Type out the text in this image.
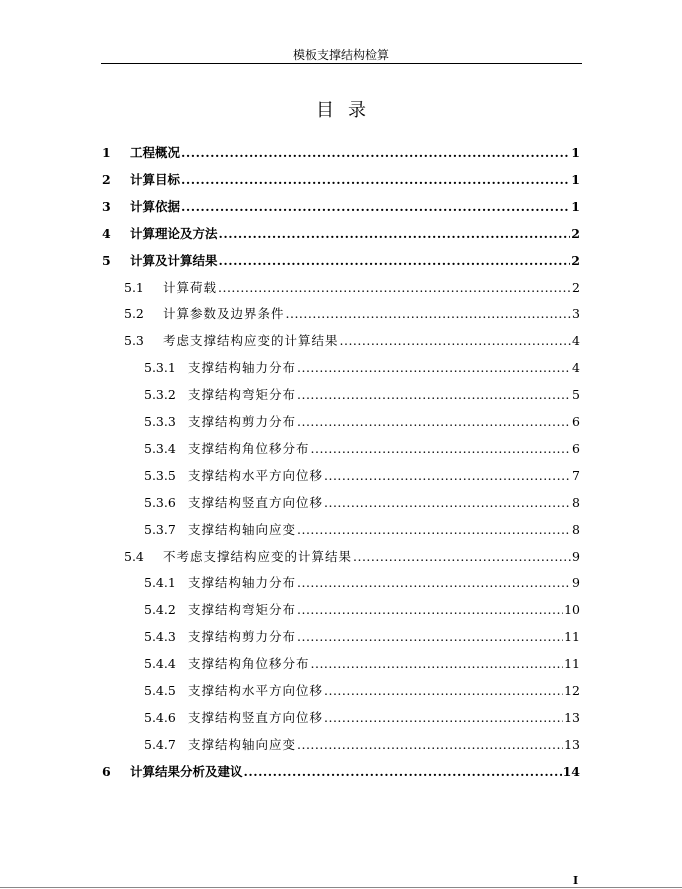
模板支撑结构检算
目录
1 工程概况 .....	1
2 计算目标 .....	1
3 计算依据 .....	1
4 计算理论及方法 .....	2
5 计算及计算结果 .....	2
5.1 计算荷载 .....	2
5.2 计算参数及边界条件 .....	3
5.3 考虑支撑结构应变的计算结果 .....	4
5.3.1 支撑结构轴力分布 .....	4
5.3.2 支撑结构弯矩分布 .....	5
5.3.3 支撑结构剪力分布 .....	6
5.3.4 支撑结构角位移分布 .....	6
5.3.5 支撑结构水平方向位移 .....	7
5.3.6 支撑结构竖直方向位移 .....	8
5.3.7 支撑结构轴向应变 .....	8
5.4 不考虑支撑结构应变的计算结果 .....	9
5.4.1 支撑结构轴力分布 .....	9
5.4.2 支撑结构弯矩分布 .....	10
5.4.3 支撑结构剪力分布 .....	11
5.4.4 支撑结构角位移分布 .....	11
5.4.5 支撑结构水平方向位移 .....	12
5.4.6 支撑结构竖直方向位移 .....	13
5.4.7 支撑结构轴向应变 .....	13
6 计算结果分析及建议 .....	14
I
